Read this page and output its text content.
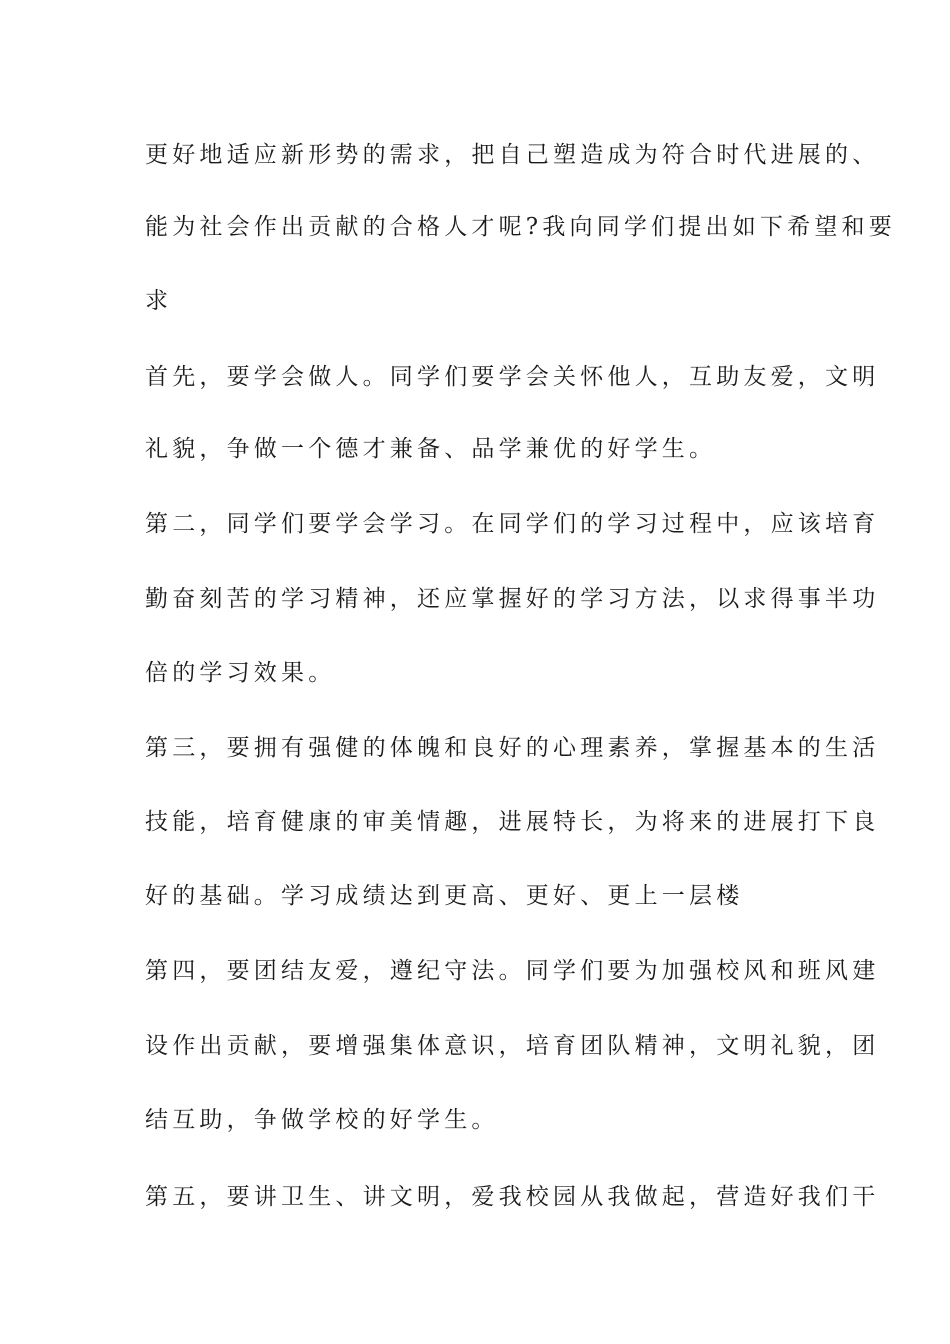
更好地适应新形势的需求，把自己塑造成为符合时代进展的、
能为社会作出贡献的合格人才呢?我向同学们提出如下希望和要
求
首先，要学会做人。同学们要学会关怀他人，互助友爱，文明
礼貌，争做一个德才兼备、品学兼优的好学生。
第二，同学们要学会学习。在同学们的学习过程中，应该培育
勤奋刻苦的学习精神，还应掌握好的学习方法，以求得事半功
倍的学习效果。
第三，要拥有强健的体魄和良好的心理素养，掌握基本的生活
技能，培育健康的审美情趣，进展特长，为将来的进展打下良
好的基础。学习成绩达到更高、更好、更上一层楼
第四，要团结友爱，遵纪守法。同学们要为加强校风和班风建
设作出贡献，要增强集体意识，培育团队精神，文明礼貌，团
结互助，争做学校的好学生。
第五，要讲卫生、讲文明，爱我校园从我做起，营造好我们干
